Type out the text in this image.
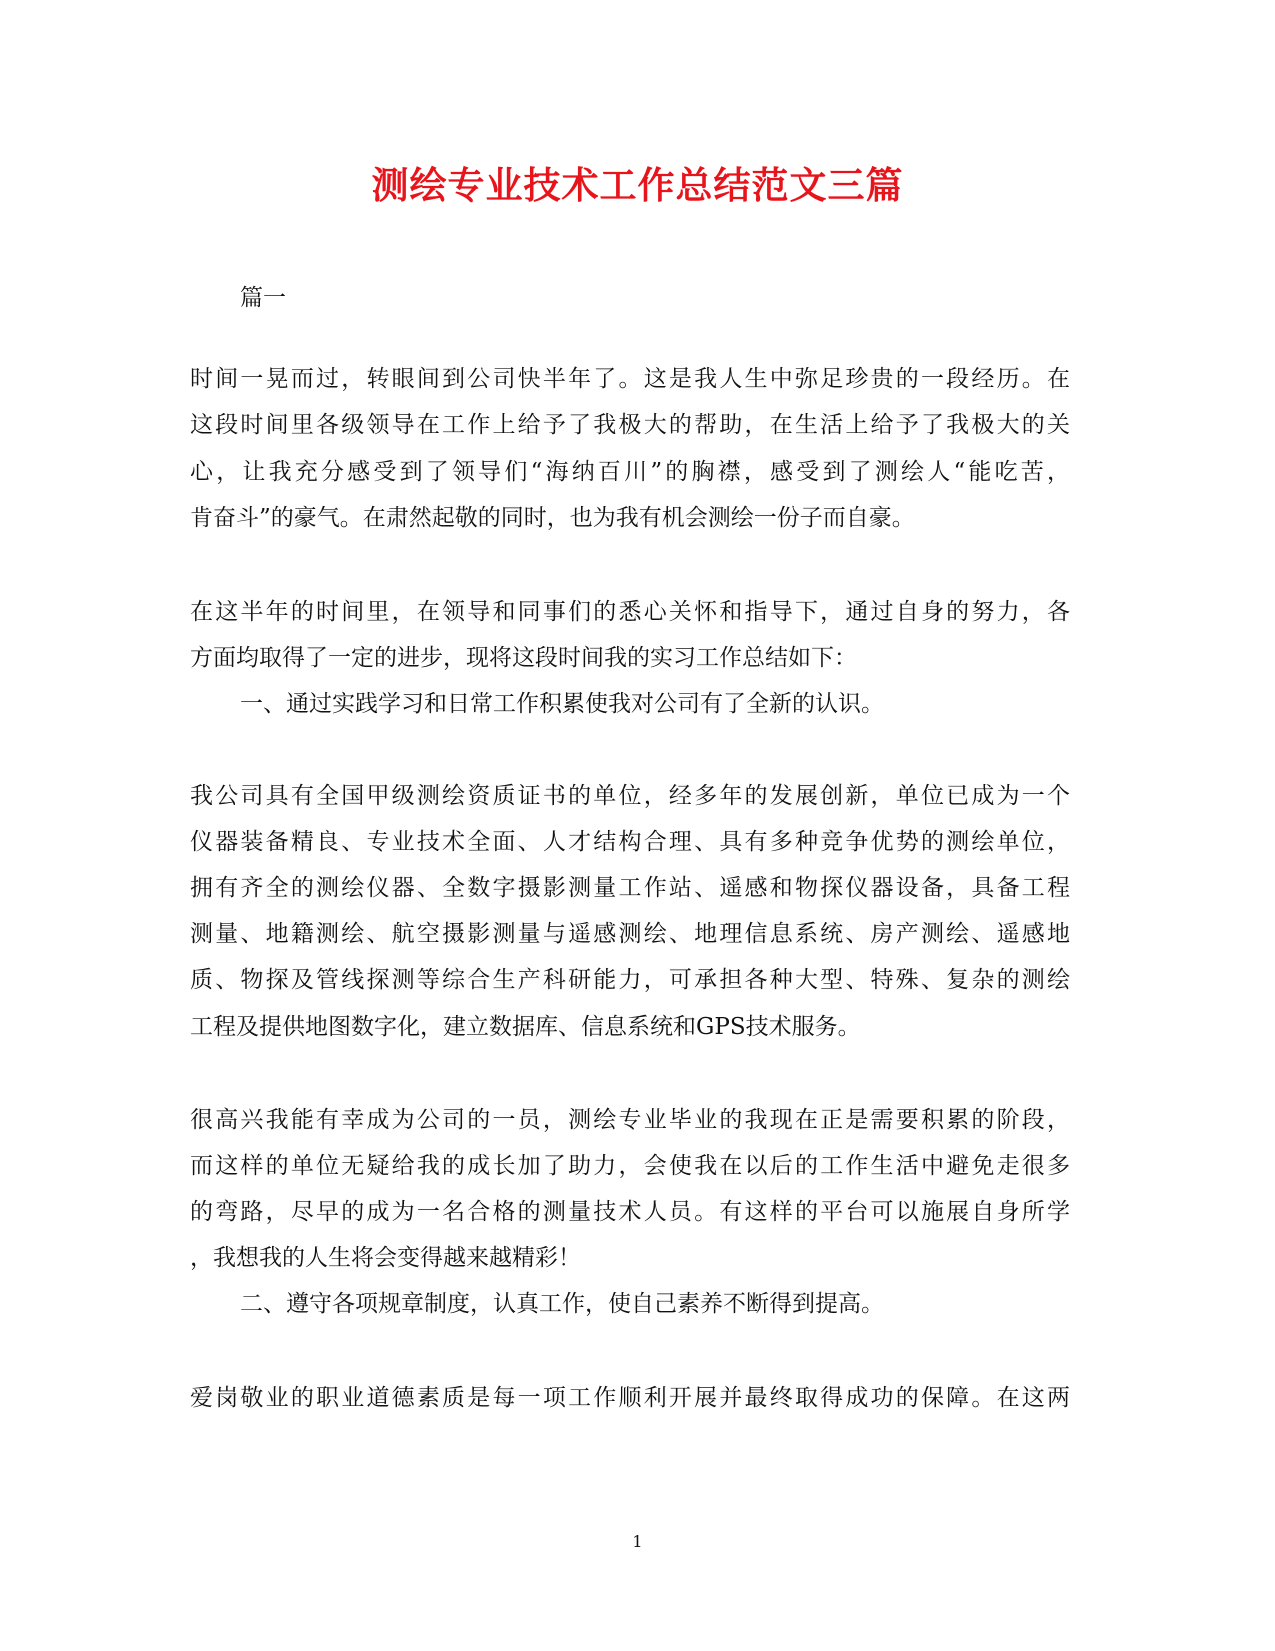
测绘专业技术工作总结范文三篇
篇一
时间一晃而过，转眼间到公司快半年了。这是我人生中弥足珍贵的一段经历。在
这段时间里各级领导在工作上给予了我极大的帮助，在生活上给予了我极大的关
心，让我充分感受到了领导们“海纳百川”的胸襟，感受到了测绘人“能吃苦，
肯奋斗”的豪气。在肃然起敬的同时，也为我有机会测绘一份子而自豪。
在这半年的时间里，在领导和同事们的悉心关怀和指导下，通过自身的努力，各
方面均取得了一定的进步，现将这段时间我的实习工作总结如下：
一、通过实践学习和日常工作积累使我对公司有了全新的认识。
我公司具有全国甲级测绘资质证书的单位，经多年的发展创新，单位已成为一个
仪器装备精良、专业技术全面、人才结构合理、具有多种竞争优势的测绘单位，
拥有齐全的测绘仪器、全数字摄影测量工作站、遥感和物探仪器设备，具备工程
测量、地籍测绘、航空摄影测量与遥感测绘、地理信息系统、房产测绘、遥感地
质、物探及管线探测等综合生产科研能力，可承担各种大型、特殊、复杂的测绘
工程及提供地图数字化，建立数据库、信息系统和GPS技术服务。
很高兴我能有幸成为公司的一员，测绘专业毕业的我现在正是需要积累的阶段，
而这样的单位无疑给我的成长加了助力，会使我在以后的工作生活中避免走很多
的弯路，尽早的成为一名合格的测量技术人员。有这样的平台可以施展自身所学
，我想我的人生将会变得越来越精彩！
二、遵守各项规章制度，认真工作，使自己素养不断得到提高。
爱岗敬业的职业道德素质是每一项工作顺利开展并最终取得成功的保障。在这两
1
